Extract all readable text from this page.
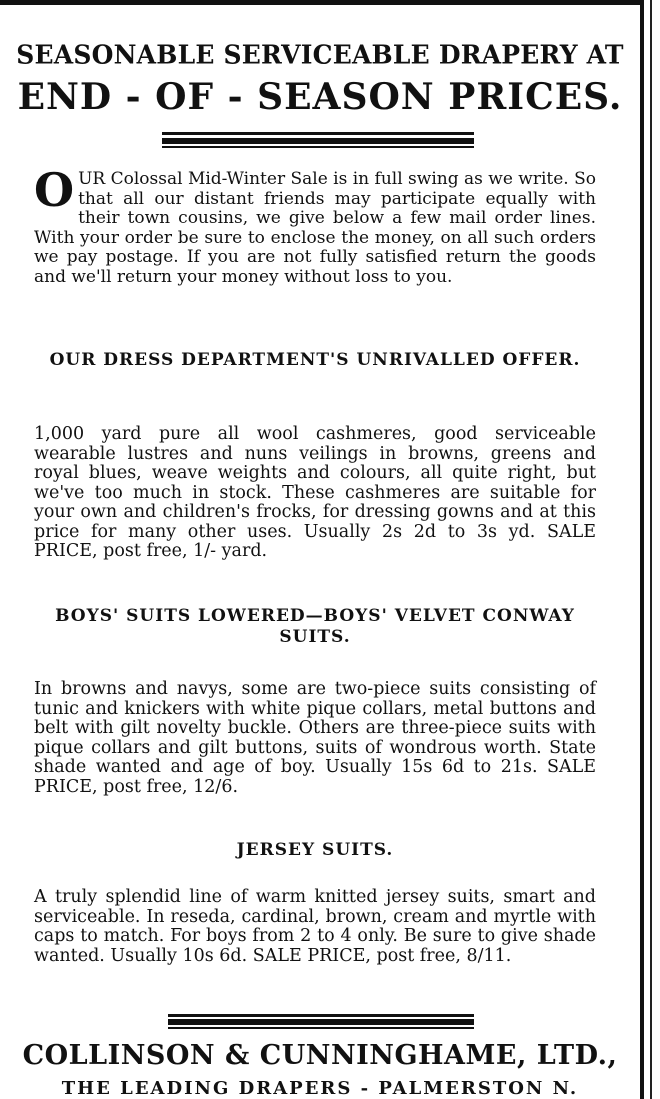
SEASONABLE SERVICEABLE DRAPERY AT
END - OF - SEASON PRICES.
OUR Colossal Mid-Winter Sale is in full swing as we write. So that all our distant friends may participate equally with their town cousins, we give below a few mail order lines. With your order be sure to enclose the money, on all such orders we pay postage. If you are not fully satisfied return the goods and we'll return your money without loss to you.
OUR DRESS DEPARTMENT'S UNRIVALLED OFFER.
1,000 yard pure all wool cashmeres, good serviceable wearable lustres and nuns veilings in browns, greens and royal blues, weave weights and colours, all quite right, but we've too much in stock. These cashmeres are suitable for your own and children's frocks, for dressing gowns and at this price for many other uses. Usually 2s 2d to 3s yd. SALE PRICE, post free, 1/- yard.
BOYS' SUITS LOWERED—BOYS' VELVET CONWAY SUITS.
In browns and navys, some are two-piece suits consisting of tunic and knickers with white pique collars, metal buttons and belt with gilt novelty buckle. Others are three-piece suits with pique collars and gilt buttons, suits of wondrous worth. State shade wanted and age of boy. Usually 15s 6d to 21s. SALE PRICE, post free, 12/6.
JERSEY SUITS.
A truly splendid line of warm knitted jersey suits, smart and serviceable. In reseda, cardinal, brown, cream and myrtle with caps to match. For boys from 2 to 4 only. Be sure to give shade wanted. Usually 10s 6d. SALE PRICE, post free, 8/11.
COLLINSON & CUNNINGHAME, LTD.,
THE LEADING DRAPERS - PALMERSTON N.
